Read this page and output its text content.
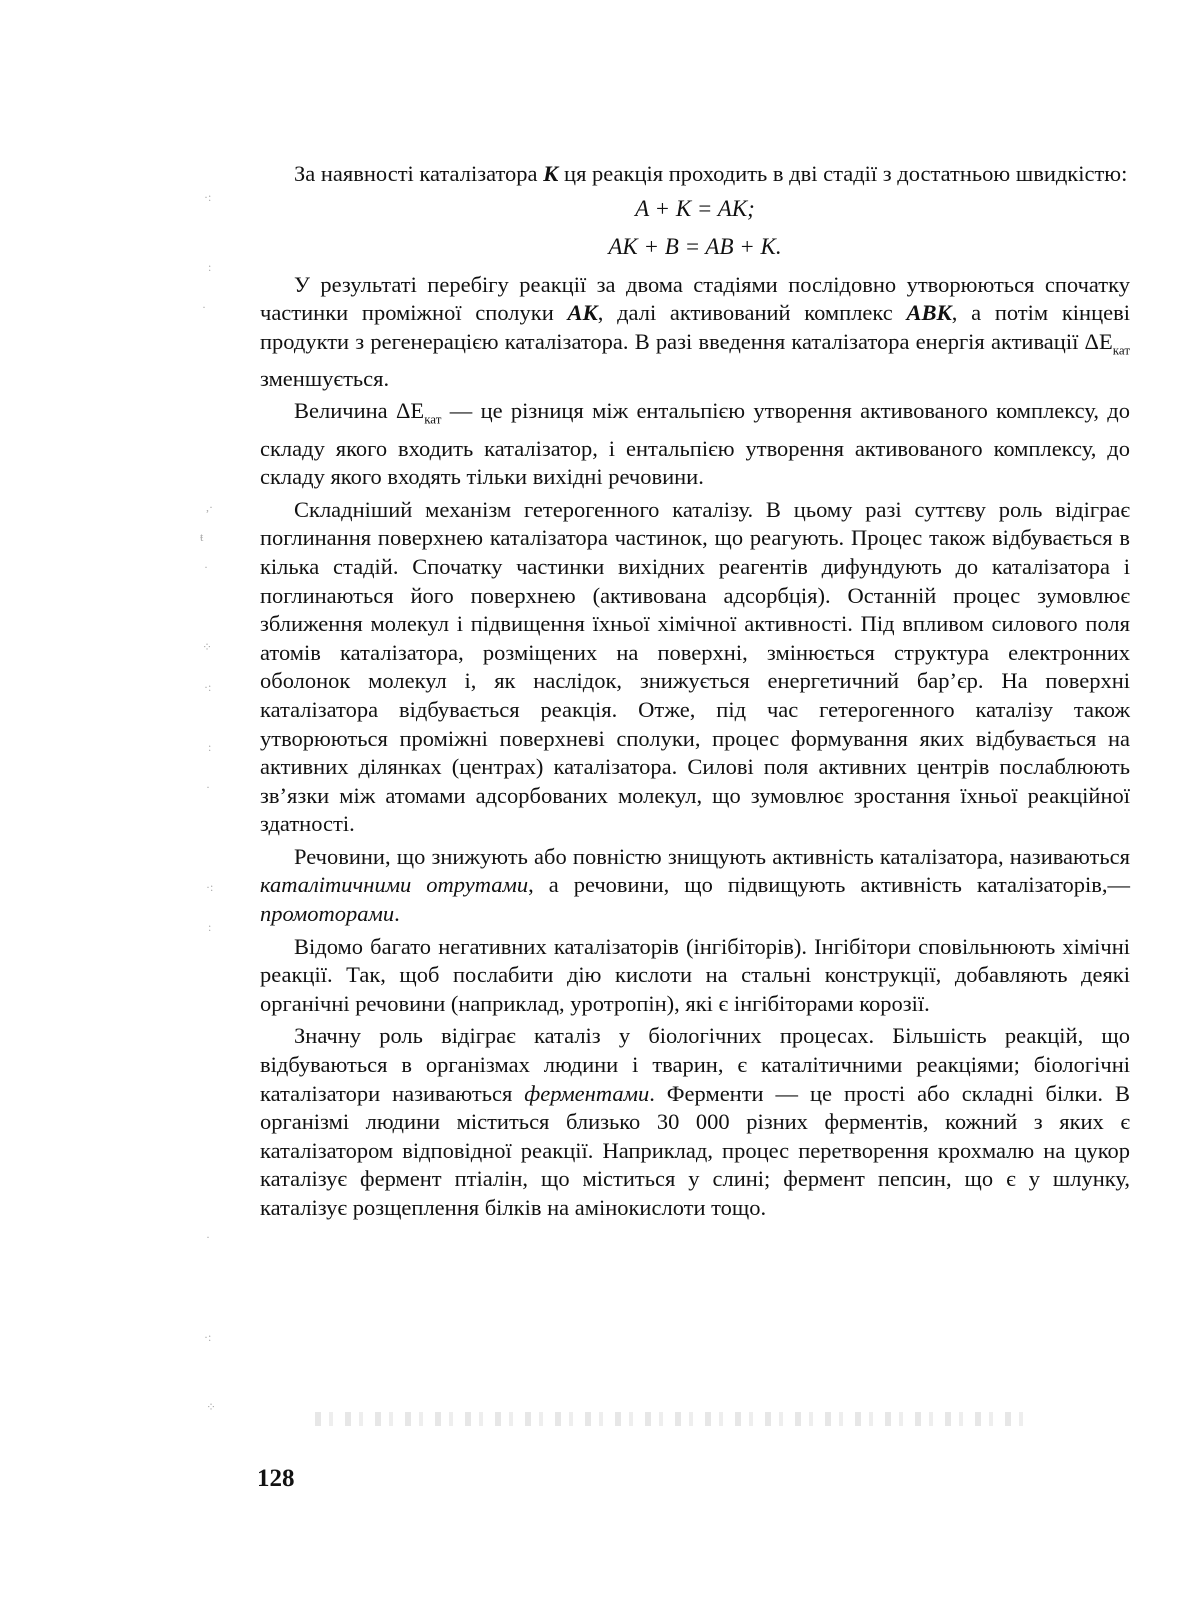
·:
:
·
,·
ŧ
·
⁘
·:
:
·
·:
:
·
·:
⁘

За наявності каталізатора К ця реакція проходить в дві стадії з достатньою швидкістю:

A + K = AK;
AK + B = AB + K.

У результаті перебігу реакції за двома стадіями послідовно утворюються спочатку частинки проміжної сполуки АК, далі активований комплекс АВК, а потім кінцеві продукти з регенерацією каталізатора. В разі введення каталізатора енергія активації $\Delta E_{кат}$ зменшується.

Величина $\Delta E_{кат}$ — це різниця між ентальпією утворення активованого комплексу, до складу якого входить каталізатор, і ентальпією утворення активованого комплексу, до складу якого входять тільки вихідні речовини.

Складніший механізм гетерогенного каталізу. В цьому разі суттєву роль відіграє поглинання поверхнею каталізатора частинок, що реагують. Процес також відбувається в кілька стадій. Спочатку частинки вихідних реагентів дифундують до каталізатора і поглинаються його поверхнею (активована адсорбція). Останній процес зумовлює зближення молекул і підвищення їхньої хімічної активності. Під впливом силового поля атомів каталізатора, розміщених на поверхні, змінюється структура електронних оболонок молекул і, як наслідок, знижується енергетичний бар’єр. На поверхні каталізатора відбувається реакція. Отже, під час гетерогенного каталізу також утворюються проміжні поверхневі сполуки, процес формування яких відбувається на активних ділянках (центрах) каталізатора. Силові поля активних центрів послаблюють зв’язки між атомами адсорбованих молекул, що зумовлює зростання їхньої реакційної здатності.

Речовини, що знижують або повністю знищують активність каталізатора, називаються каталітичними отрутами, а речовини, що підвищують активність каталізаторів,— промоторами.

Відомо багато негативних каталізаторів (інгібіторів). Інгібітори сповільнюють хімічні реакції. Так, щоб послабити дію кислоти на стальні конструкції, добавляють деякі органічні речовини (наприклад, уротропін), які є інгібіторами корозії.

Значну роль відіграє каталіз у біологічних процесах. Більшість реакцій, що відбуваються в організмах людини і тварин, є каталітичними реакціями; біологічні каталізатори називаються ферментами. Ферменти — це прості або складні білки. В організмі людини міститься близько 30 000 різних ферментів, кожний з яких є каталізатором відповідної реакції. Наприклад, процес перетворення крохмалю на цукор каталізує фермент птіалін, що міститься у слині; фермент пепсин, що є у шлунку, каталізує розщеплення білків на амінокислоти тощо.

128
